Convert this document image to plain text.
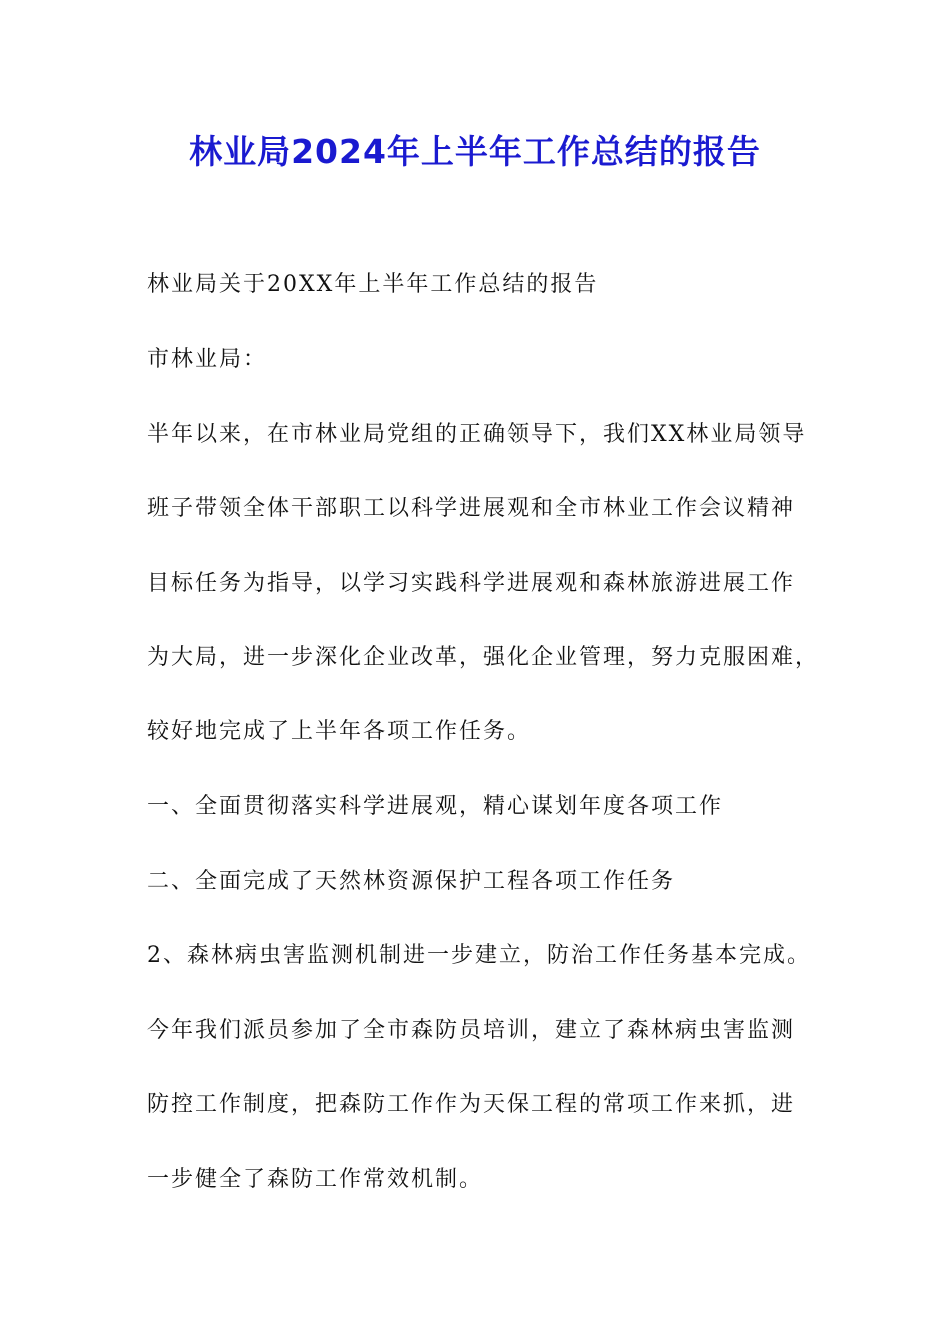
林业局2024年上半年工作总结的报告
林业局关于20XX年上半年工作总结的报告
市林业局：
半年以来，在市林业局党组的正确领导下，我们XX林业局领导
班子带领全体干部职工以科学进展观和全市林业工作会议精神
目标任务为指导，以学习实践科学进展观和森林旅游进展工作
为大局，进一步深化企业改革，强化企业管理，努力克服困难，
较好地完成了上半年各项工作任务。
一、全面贯彻落实科学进展观，精心谋划年度各项工作
二、全面完成了天然林资源保护工程各项工作任务
2、森林病虫害监测机制进一步建立，防治工作任务基本完成。
今年我们派员参加了全市森防员培训，建立了森林病虫害监测
防控工作制度，把森防工作作为天保工程的常项工作来抓，进
一步健全了森防工作常效机制。
